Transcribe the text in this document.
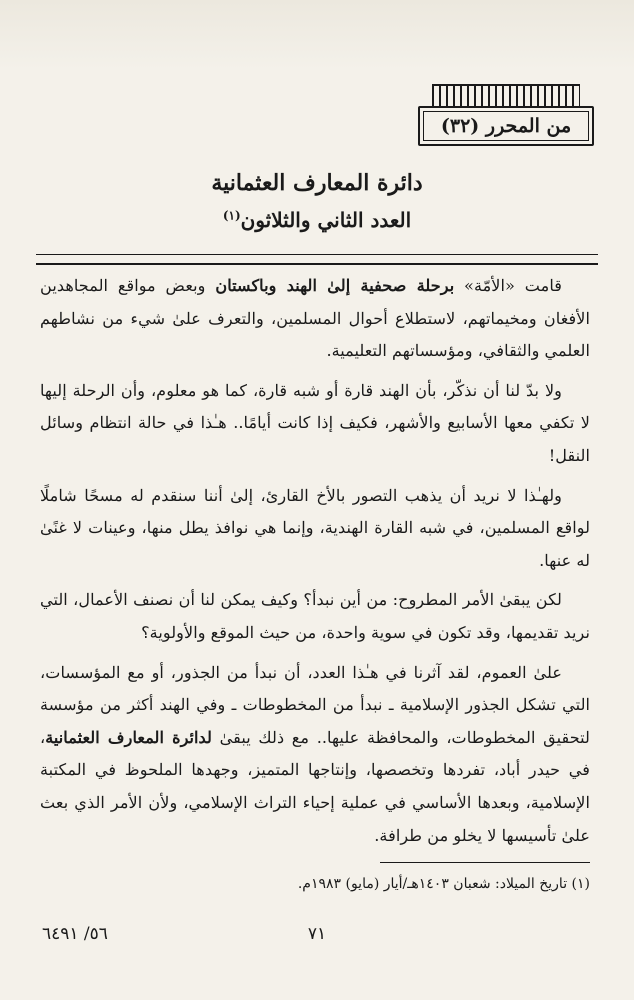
من المحرر (٣٢)
دائرة المعارف العثمانية
العدد الثاني والثلاثون$^{(١)}$

قامت «الأمّة» برحلة صحفية إلىٰ الهند وباكستان وبعض مواقع المجاهدين الأفغان ومخيماتهم، لاستطلاع أحوال المسلمين، والتعرف علىٰ شيء من نشاطهم العلمي والثقافي، ومؤسساتهم التعليمية.

ولا بدّ لنا أن نذكّر، بأن الهند قارة أو شبه قارة، كما هو معلوم، وأن الرحلة إليها لا تكفي معها الأسابيع والأشهر، فكيف إذا كانت أيامًا.. هـٰذا في حالة انتظام وسائل النقل!

ولهـٰذا لا نريد أن يذهب التصور بالأخ القارئ، إلىٰ أننا سنقدم له مسحًا شاملًا لواقع المسلمين، في شبه القارة الهندية، وإنما هي نوافذ يطل منها، وعينات لا غنًىٰ له عنها.

لكن يبقىٰ الأمر المطروح: من أين نبدأ؟ وكيف يمكن لنا أن نصنف الأعمال، التي نريد تقديمها، وقد تكون في سوية واحدة، من حيث الموقع والأولوية؟

علىٰ العموم، لقد آثرنا في هـٰذا العدد، أن نبدأ من الجذور، أو مع المؤسسات، التي تشكل الجذور الإسلامية ـ نبدأ من المخطوطات ـ وفي الهند أكثر من مؤسسة لتحقيق المخطوطات، والمحافظة عليها.. مع ذلك يبقىٰ لدائرة المعارف العثمانية، في حيدر أباد، تفردها وتخصصها، وإنتاجها المتميز، وجهدها الملحوظ في المكتبة الإسلامية، وبعدها الأساسي في عملية إحياء التراث الإسلامي، ولأن الأمر الذي بعث علىٰ تأسيسها لا يخلو من طرافة.

(١) تاريخ الميلاد: شعبان ١٤٠٣هـ/أيار (مايو) ١٩٨٣م.
٧١
٥٦/ ٦٤٩١
